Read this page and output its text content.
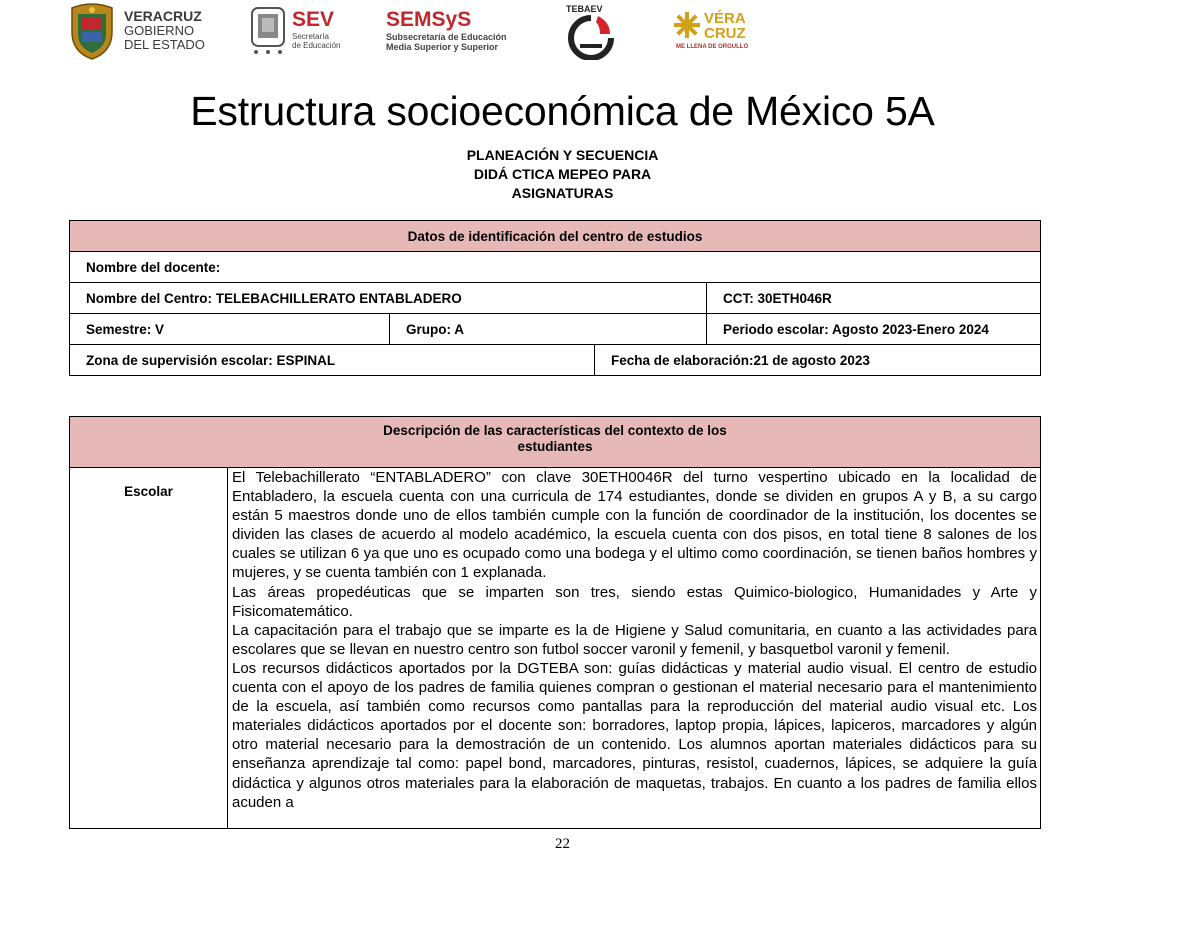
VERACRUZ
GOBIERNO
DEL ESTADO
SEV
Secretaría
de Educación
SEMSyS
Subsecretaría de Educación
Media Superior y Superior
TEBAEV
VÉRA
CRUZ
ME LLENA DE ORGULLO
Estructura socioeconómica de México 5A
PLANEACIÓN Y SECUENCIA
DIDÁ CTICA MEPEO PARA
ASIGNATURAS
Datos de identificación del centro de estudios			
Nombre del docente:			
Nombre del Centro: TELEBACHILLERATO ENTABLADERO			CCT: 30ETH046R
Semestre: V	Grupo: A		Periodo escolar: Agosto 2023-Enero 2024
Zona de supervisión escolar: ESPINAL		Fecha de elaboración:21 de agosto 2023	
Descripción de las características del contexto de los
estudiantes

Escolar	

El Telebachillerato “ENTABLADERO” con clave 30ETH0046R del turno vespertino ubicado en la localidad de Entabladero, la escuela cuenta con una curricula de 174 estudiantes, donde se dividen en grupos A y B, a su cargo están 5 maestros donde uno de ellos también cumple con la función de coordinador de la institución, los docentes se dividen las clases de acuerdo al modelo académico, la escuela cuenta con dos pisos, en total tiene 8 salones de los cuales se utilizan 6 ya que uno es ocupado como una bodega y el ultimo como coordinación, se tienen baños hombres y mujeres, y se cuenta también con 1 explanada.

Las áreas propedéuticas que se imparten son tres, siendo estas Quimico-biologico, Humanidades y Arte y Fisicomatemático.

La capacitación para el trabajo que se imparte es la de Higiene y Salud comunitaria, en cuanto a las actividades para escolares que se llevan en nuestro centro son futbol soccer varonil y femenil, y basquetbol varonil y femenil.

Los recursos didácticos aportados por la DGTEBA son: guías didácticas y material audio visual. El centro de estudio cuenta con el apoyo de los padres de familia quienes compran o gestionan el material necesario para el mantenimiento de la escuela, así también como recursos como pantallas para la reproducción del material audio visual etc. Los materiales didácticos aportados por el docente son: borradores, laptop propia, lápices, lapiceros, marcadores y algún otro material necesario para la demostración de un contenido. Los alumnos aportan materiales didácticos para su enseñanza aprendizaje tal como: papel bond, marcadores, pinturas, resistol, cuadernos, lápices, se adquiere la guía didáctica y algunos otros materiales para la elaboración de maquetas, trabajos. En cuanto a los padres de familia ellos acuden a

22
